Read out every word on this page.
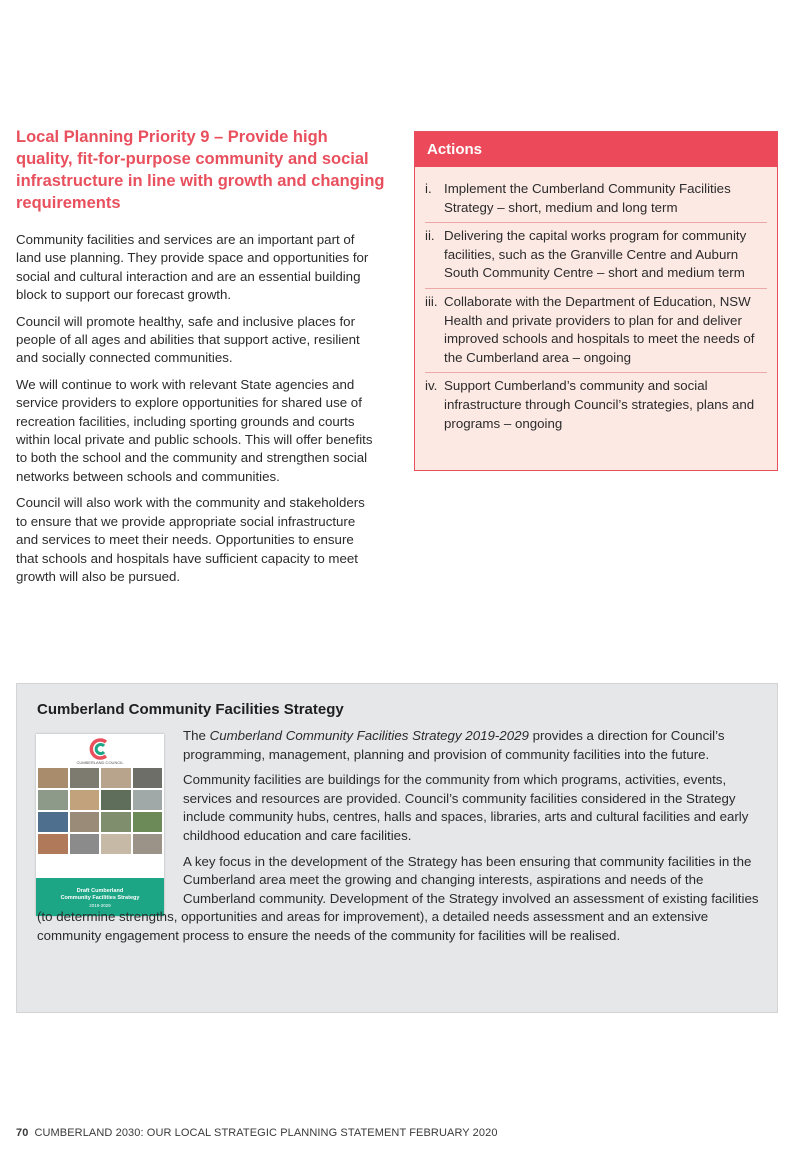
Local Planning Priority 9 – Provide high quality, fit-for-purpose community and social infrastructure in line with growth and changing requirements

Community facilities and services are an important part of land use planning. They provide space and opportunities for social and cultural interaction and are an essential building block to support our forecast growth.

Council will promote healthy, safe and inclusive places for people of all ages and abilities that support active, resilient and socially connected communities.

We will continue to work with relevant State agencies and service providers to explore opportunities for shared use of recreation facilities, including sporting grounds and courts within local private and public schools. This will offer benefits to both the school and the community and strengthen social networks between schools and communities.

Council will also work with the community and stakeholders to ensure that we provide appropriate social infrastructure and services to meet their needs. Opportunities to ensure that schools and hospitals have sufficient capacity to meet growth will also be pursued.

Actions
i. Implement the Cumberland Community Facilities Strategy – short, medium and long term
ii. Delivering the capital works program for community facilities, such as the Granville Centre and Auburn South Community Centre – short and medium term
iii. Collaborate with the Department of Education, NSW Health and private providers to plan for and deliver improved schools and hospitals to meet the needs of the Cumberland area – ongoing
iv. Support Cumberland’s community and social infrastructure through Council’s strategies, plans and programs – ongoing
Cumberland Community Facilities Strategy
CUMBERLAND COUNCIL
Draft Cumberland
Community Facilities Strategy
2019-2029

The Cumberland Community Facilities Strategy 2019-2029 provides a direction for Council’s programming, management, planning and provision of community facilities into the future.

Community facilities are buildings for the community from which programs, activities, events, services and resources are provided. Council’s community facilities considered in the Strategy include community hubs, centres, halls and spaces, libraries, arts and cultural facilities and early childhood education and care facilities.

A key focus in the development of the Strategy has been ensuring that community facilities in the Cumberland area meet the growing and changing interests, aspirations and needs of the Cumberland community. Development of the Strategy involved an assessment of existing facilities (to determine strengths, opportunities and areas for improvement), a detailed needs assessment and an extensive community engagement process to ensure the needs of the community for facilities will be realised.

70 CUMBERLAND 2030: OUR LOCAL STRATEGIC PLANNING STATEMENT FEBRUARY 2020
